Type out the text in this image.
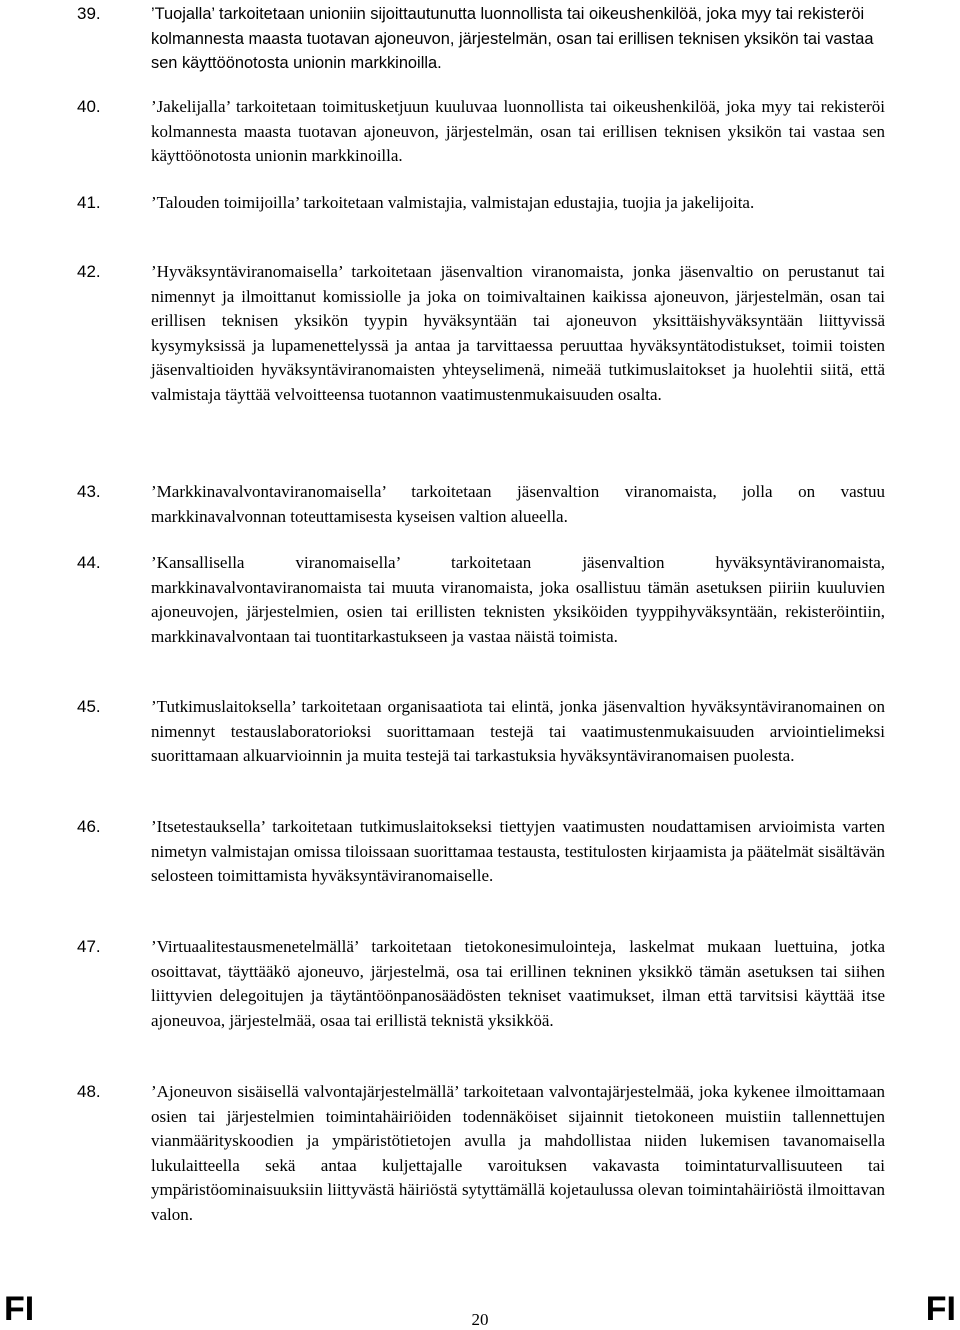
39.	’Tuojalla’ tarkoitetaan unioniin sijoittautunutta luonnollista tai oikeushenkilöä, joka myy tai rekisteröi kolmannesta maasta tuotavan ajoneuvon, järjestelmän, osan tai erillisen teknisen yksikön tai vastaa sen käyttöönotosta unionin markkinoilla.
40.	’Jakelijalla’ tarkoitetaan toimitusketjuun kuuluvaa luonnollista tai oikeushenkilöä, joka myy tai rekisteröi kolmannesta maasta tuotavan ajoneuvon, järjestelmän, osan tai erillisen teknisen yksikön tai vastaa sen käyttöönotosta unionin markkinoilla.
41.	’Talouden toimijoilla’ tarkoitetaan valmistajia, valmistajan edustajia, tuojia ja jakelijoita.
42.	’Hyväksyntäviranomaisella’ tarkoitetaan jäsenvaltion viranomaista, jonka jäsenvaltio on perustanut tai nimennyt ja ilmoittanut komissiolle ja joka on toimivaltainen kaikissa ajoneuvon, järjestelmän, osan tai erillisen teknisen yksikön tyypin hyväksyntään tai ajoneuvon yksittäishyväksyntään liittyvissä kysymyksissä ja lupamenettelyssä ja antaa ja tarvittaessa peruuttaa hyväksyntätodistukset, toimii toisten jäsenvaltioiden hyväksyntäviranomaisten yhteyselimenä, nimeää tutkimuslaitokset ja huolehtii siitä, että valmistaja täyttää velvoitteensa tuotannon vaatimustenmukaisuuden osalta.
43.	’Markkinavalvontaviranomaisella’ tarkoitetaan jäsenvaltion viranomaista, jolla on vastuu markkinavalvonnan toteuttamisesta kyseisen valtion alueella.
44.	’Kansallisella viranomaisella’ tarkoitetaan jäsenvaltion hyväksyntäviranomaista, markkinavalvontaviranomaista tai muuta viranomaista, joka osallistuu tämän asetuksen piiriin kuuluvien ajoneuvojen, järjestelmien, osien tai erillisten teknisten yksiköiden tyyppihyväksyntään, rekisteröintiin, markkinavalvontaan tai tuontitarkastukseen ja vastaa näistä toimista.
45.	’Tutkimuslaitoksella’ tarkoitetaan organisaatiota tai elintä, jonka jäsenvaltion hyväksyntäviranomainen on nimennyt testauslaboratorioksi suorittamaan testejä tai vaatimustenmukaisuuden arviointielimeksi suorittamaan alkuarvioinnin ja muita testejä tai tarkastuksia hyväksyntäviranomaisen puolesta.
46.	’Itsetestauksella’ tarkoitetaan tutkimuslaitokseksi tiettyjen vaatimusten noudattamisen arvioimista varten nimetyn valmistajan omissa tiloissaan suorittamaa testausta, testitulosten kirjaamista ja päätelmät sisältävän selosteen toimittamista hyväksyntäviranomaiselle.
47.	’Virtuaalitestausmenetelmällä’ tarkoitetaan tietokonesimulointeja, laskelmat mukaan luettuina, jotka osoittavat, täyttääkö ajoneuvo, järjestelmä, osa tai erillinen tekninen yksikkö tämän asetuksen tai siihen liittyvien delegoitujen ja täytäntöönpanosäädösten tekniset vaatimukset, ilman että tarvitsisi käyttää itse ajoneuvoa, järjestelmää, osaa tai erillistä teknistä yksikköä.
48.	’Ajoneuvon sisäisellä valvontajärjestelmällä’ tarkoitetaan valvontajärjestelmää, joka kykenee ilmoittamaan osien tai järjestelmien toimintahäiriöiden todennäköiset sijainnit tietokoneen muistiin tallennettujen vianmäärityskoodien ja ympäristötietojen avulla ja mahdollistaa niiden lukemisen tavanomaisella lukulaitteella sekä antaa kuljettajalle varoituksen vakavasta toimintaturvallisuuteen tai ympäristöominaisuuksiin liittyvästä häiriöstä sytyttämällä kojetaulussa olevan toimintahäiriöstä ilmoittavan valon.
FI	20	FI
